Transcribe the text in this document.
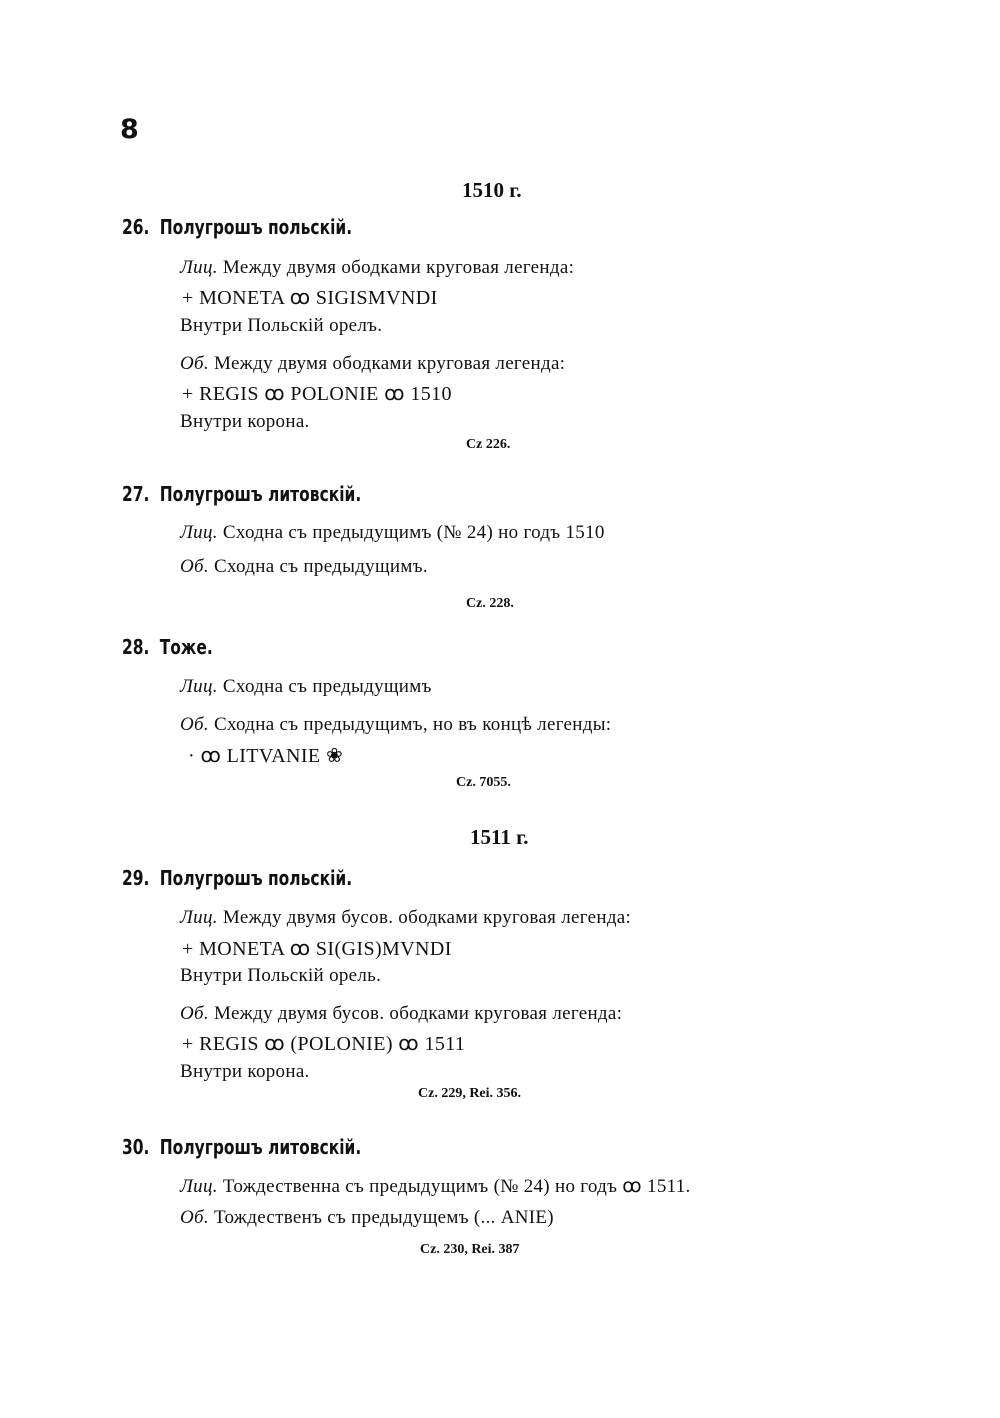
8
1510 г.
26. Полугрошъ польскій.
Лиц. Между двумя ободками круговая легенда:
+ MONETA ꝏ SIGISMVNDI
Внутри Польскій орелъ.
Об. Между двумя ободками круговая легенда:
+ REGIS ꝏ POLONIE ꝏ 1510
Внутри корона.
Cz 226.
27. Полугрошъ литовскій.
Лиц. Сходна съ предыдущимъ (№ 24) но годъ 1510
Об. Сходна съ предыдущимъ.
Cz. 228.
28. Тоже.
Лиц. Сходна съ предыдущимъ
Об. Сходна съ предыдущимъ, но въ концѣ легенды:
· ꝏ LITVANIE ❀
Cz. 7055.
1511 г.
29. Полугрошъ польскій.
Лиц. Между двумя бусов. ободками круговая легенда:
+ MONETA ꝏ SI(GIS)MVNDI
Внутри Польскій орель.
Об. Между двумя бусов. ободками круговая легенда:
+ REGIS ꝏ (POLONIE) ꝏ 1511
Внутри корона.
Cz. 229, Rei. 356.
30. Полугрошъ литовскій.
Лиц. Тождественна съ предыдущимъ (№ 24) но годъ ꝏ 1511.
Об. Тождественъ съ предыдущемъ (... ANIE)
Cz. 230, Rei. 387
